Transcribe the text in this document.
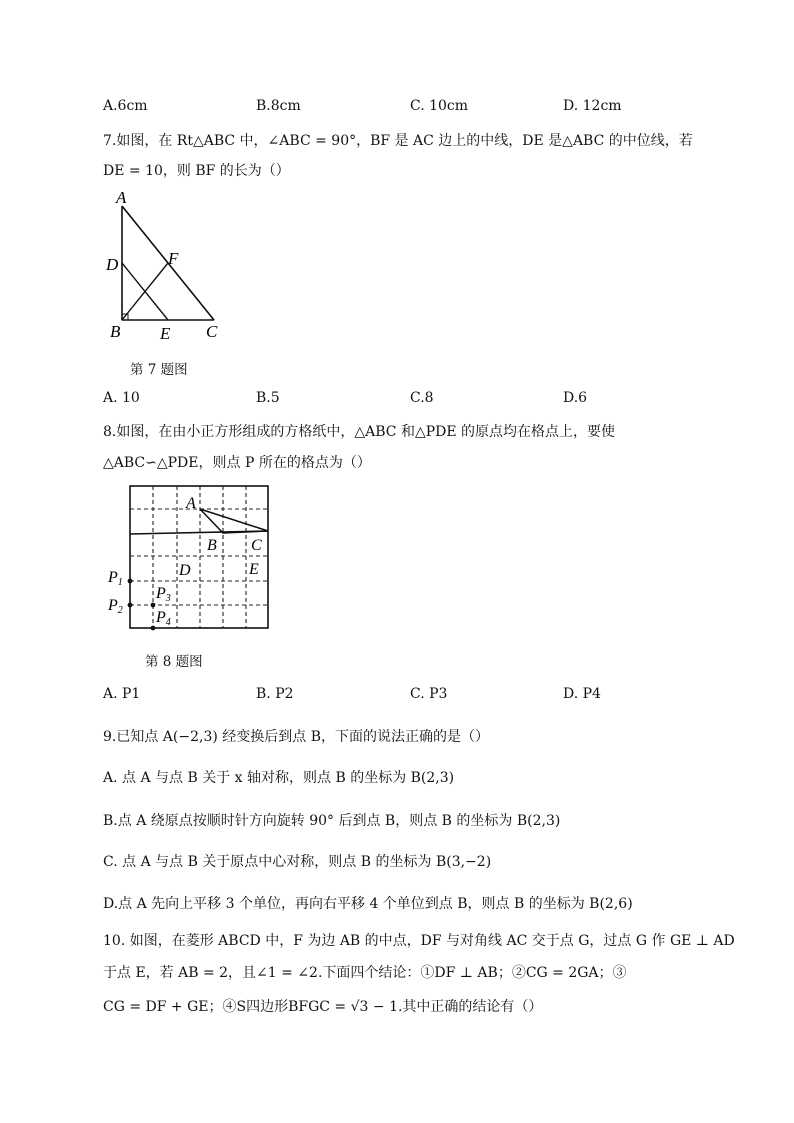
A.6cm	B.8cm	C. 10cm	D. 12cm
7.如图，在 Rt△ABC 中，∠ABC = 90°，BF 是 AC 边上的中线，DE 是△ABC 的中位线，若
DE = 10，则 BF 的长为（）
A
D	F
B E C
第 7 题图
A. 10	B.5	C.8	D.6
8.如图，在由小正方形组成的方格纸中，△ABC 和△PDE 的原点均在格点上，要使
△ABC∽△PDE，则点 P 所在的格点为（）
A
B C
D	E
P1
P2
P3
P4
第 8 题图
A. P1	B. P2	C. P3	D. P4
9.已知点 A(−2,3) 经变换后到点 B，下面的说法正确的是（）
A. 点 A 与点 B 关于 x 轴对称，则点 B 的坐标为 B(2,3)
B.点 A 绕原点按顺时针方向旋转 90° 后到点 B，则点 B 的坐标为 B(2,3)
C. 点 A 与点 B 关于原点中心对称，则点 B 的坐标为 B(3,−2)
D.点 A 先向上平移 3 个单位，再向右平移 4 个单位到点 B，则点 B 的坐标为 B(2,6)
10. 如图，在菱形 ABCD 中，F 为边 AB 的中点，DF 与对角线 AC 交于点 G，过点 G 作 GE ⊥ AD
于点 E，若 AB = 2，且∠1 = ∠2.下面四个结论：①DF ⊥ AB；②CG = 2GA；③
CG = DF + GE；④S四边形BFGC = √3 − 1.其中正确的结论有（）
